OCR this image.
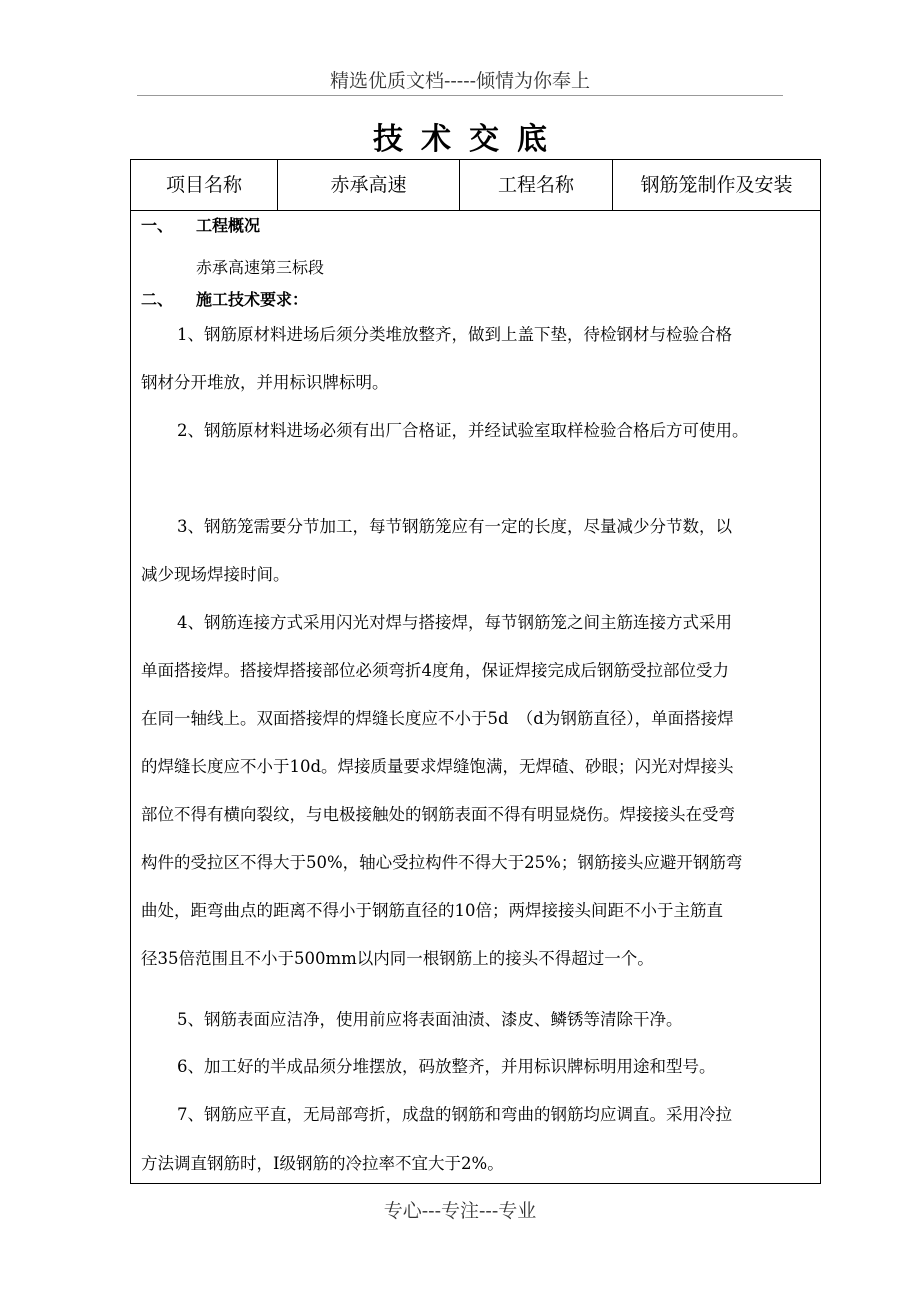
精选优质文档-----倾情为你奉上
技术交底
项目名称	赤承高速	工程名称	钢筋笼制作及安装
一、 工程概况
赤承高速第三标段
二、 施工技术要求：
1、钢筋原材料进场后须分类堆放整齐，做到上盖下垫，待检钢材与检验合格
钢材分开堆放，并用标识牌标明。
2、钢筋原材料进场必须有出厂合格证，并经试验室取样检验合格后方可使用。
3、钢筋笼需要分节加工，每节钢筋笼应有一定的长度，尽量减少分节数，以
减少现场焊接时间。
4、钢筋连接方式采用闪光对焊与搭接焊，每节钢筋笼之间主筋连接方式采用
单面搭接焊。搭接焊搭接部位必须弯折4度角，保证焊接完成后钢筋受拉部位受力
在同一轴线上。双面搭接焊的焊缝长度应不小于5d　（d为钢筋直径），单面搭接焊
的焊缝长度应不小于10d。焊接质量要求焊缝饱满，无焊碴、砂眼；闪光对焊接头
部位不得有横向裂纹，与电极接触处的钢筋表面不得有明显烧伤。焊接接头在受弯
构件的受拉区不得大于50%，轴心受拉构件不得大于25%；钢筋接头应避开钢筋弯
曲处，距弯曲点的距离不得小于钢筋直径的10倍；两焊接接头间距不小于主筋直
径35倍范围且不小于500mm以内同一根钢筋上的接头不得超过一个。
5、钢筋表面应洁净，使用前应将表面油渍、漆皮、鳞锈等清除干净。
6、加工好的半成品须分堆摆放，码放整齐，并用标识牌标明用途和型号。
7、钢筋应平直，无局部弯折，成盘的钢筋和弯曲的钢筋均应调直。采用冷拉
方法调直钢筋时，I级钢筋的冷拉率不宜大于2%。
专心---专注---专业
